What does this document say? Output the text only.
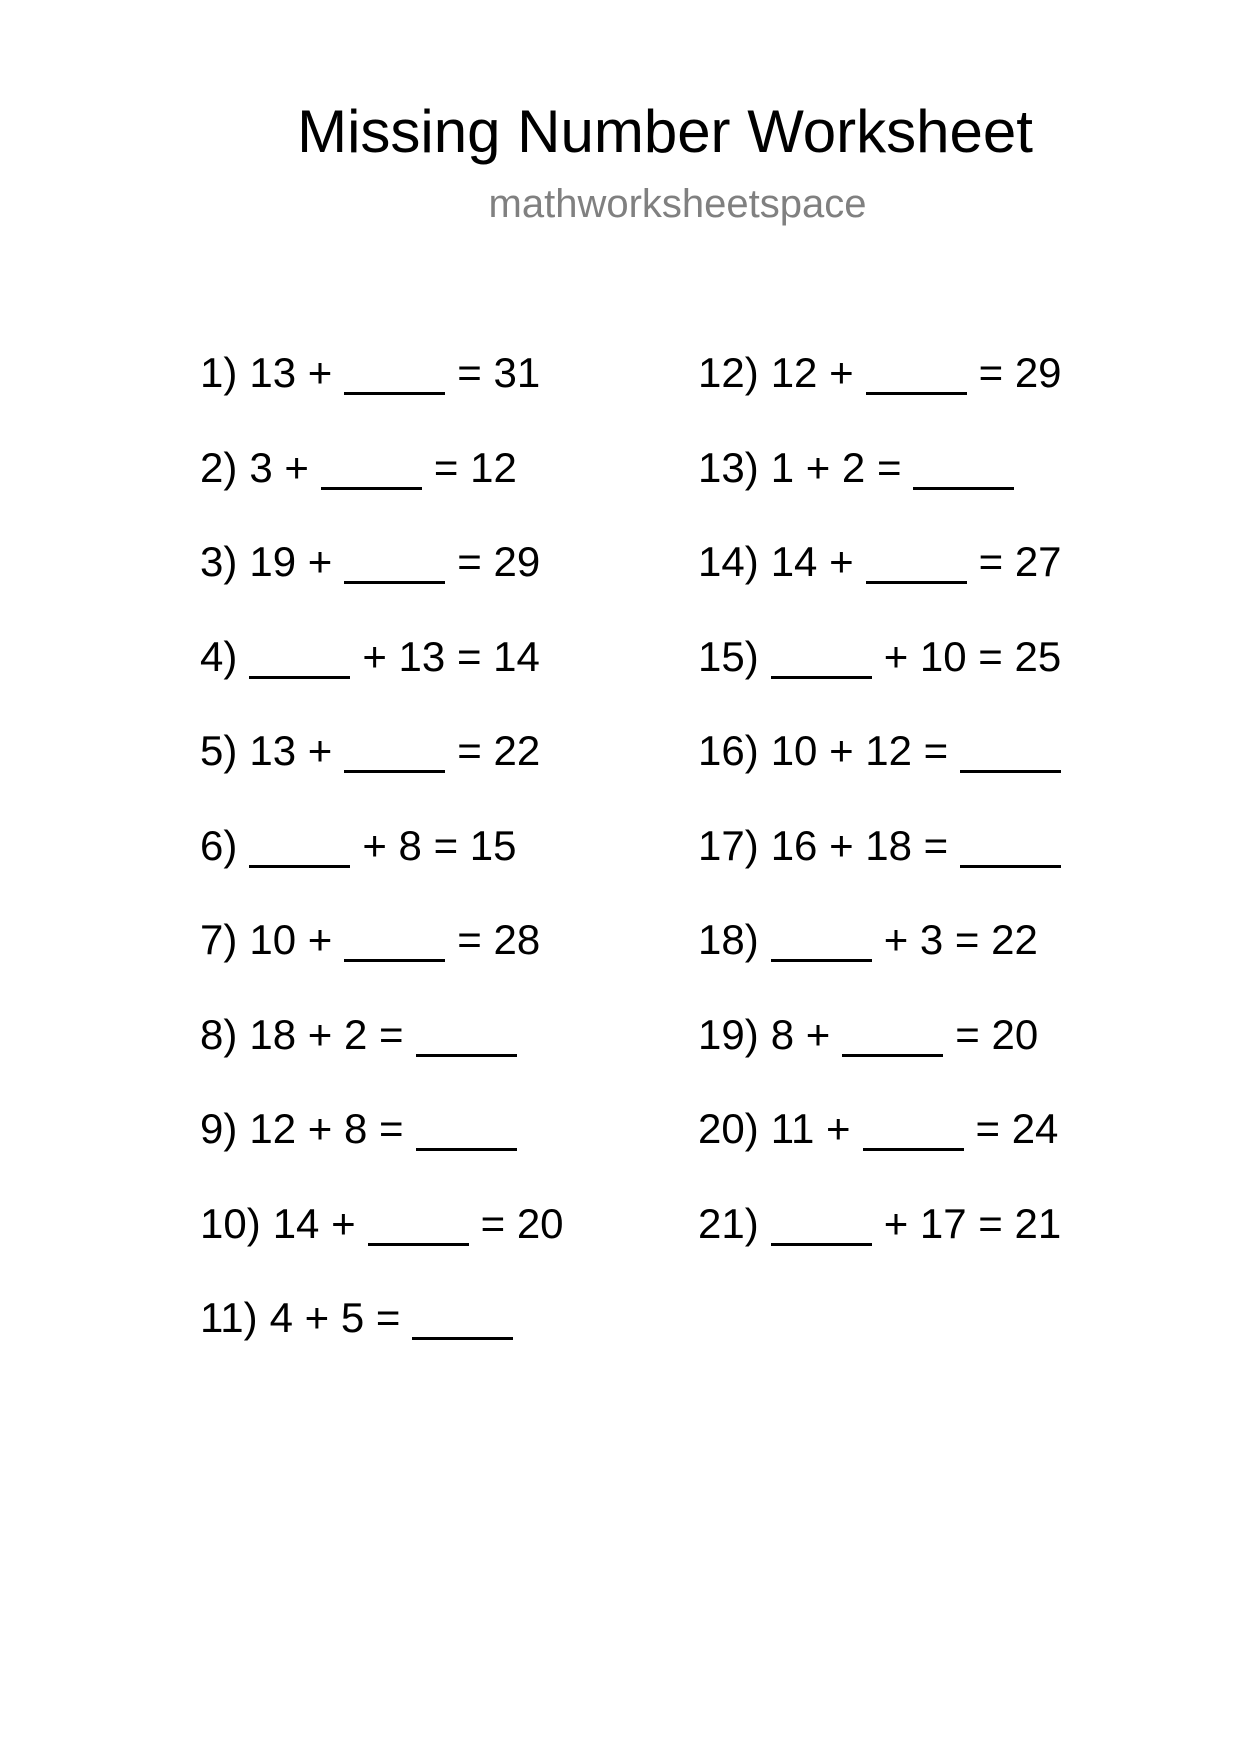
Missing Number Worksheet
mathworksheetspace
1) 13 +	= 31
2) 3 +	= 12
3) 19 +	= 29
4)	+ 13 = 14
5) 13 +	= 22
6)	+ 8 = 15
7) 10 +	= 28
8) 18 + 2 =
9) 12 + 8 =
10) 14 +	= 20
11) 4 + 5 =
12) 12 +	= 29
13) 1 + 2 =
14) 14 +	= 27
15)	+ 10 = 25
16) 10 + 12 =
17) 16 + 18 =
18)	+ 3 = 22
19) 8 +	= 20
20) 11 +	= 24
21)	+ 17 = 21
